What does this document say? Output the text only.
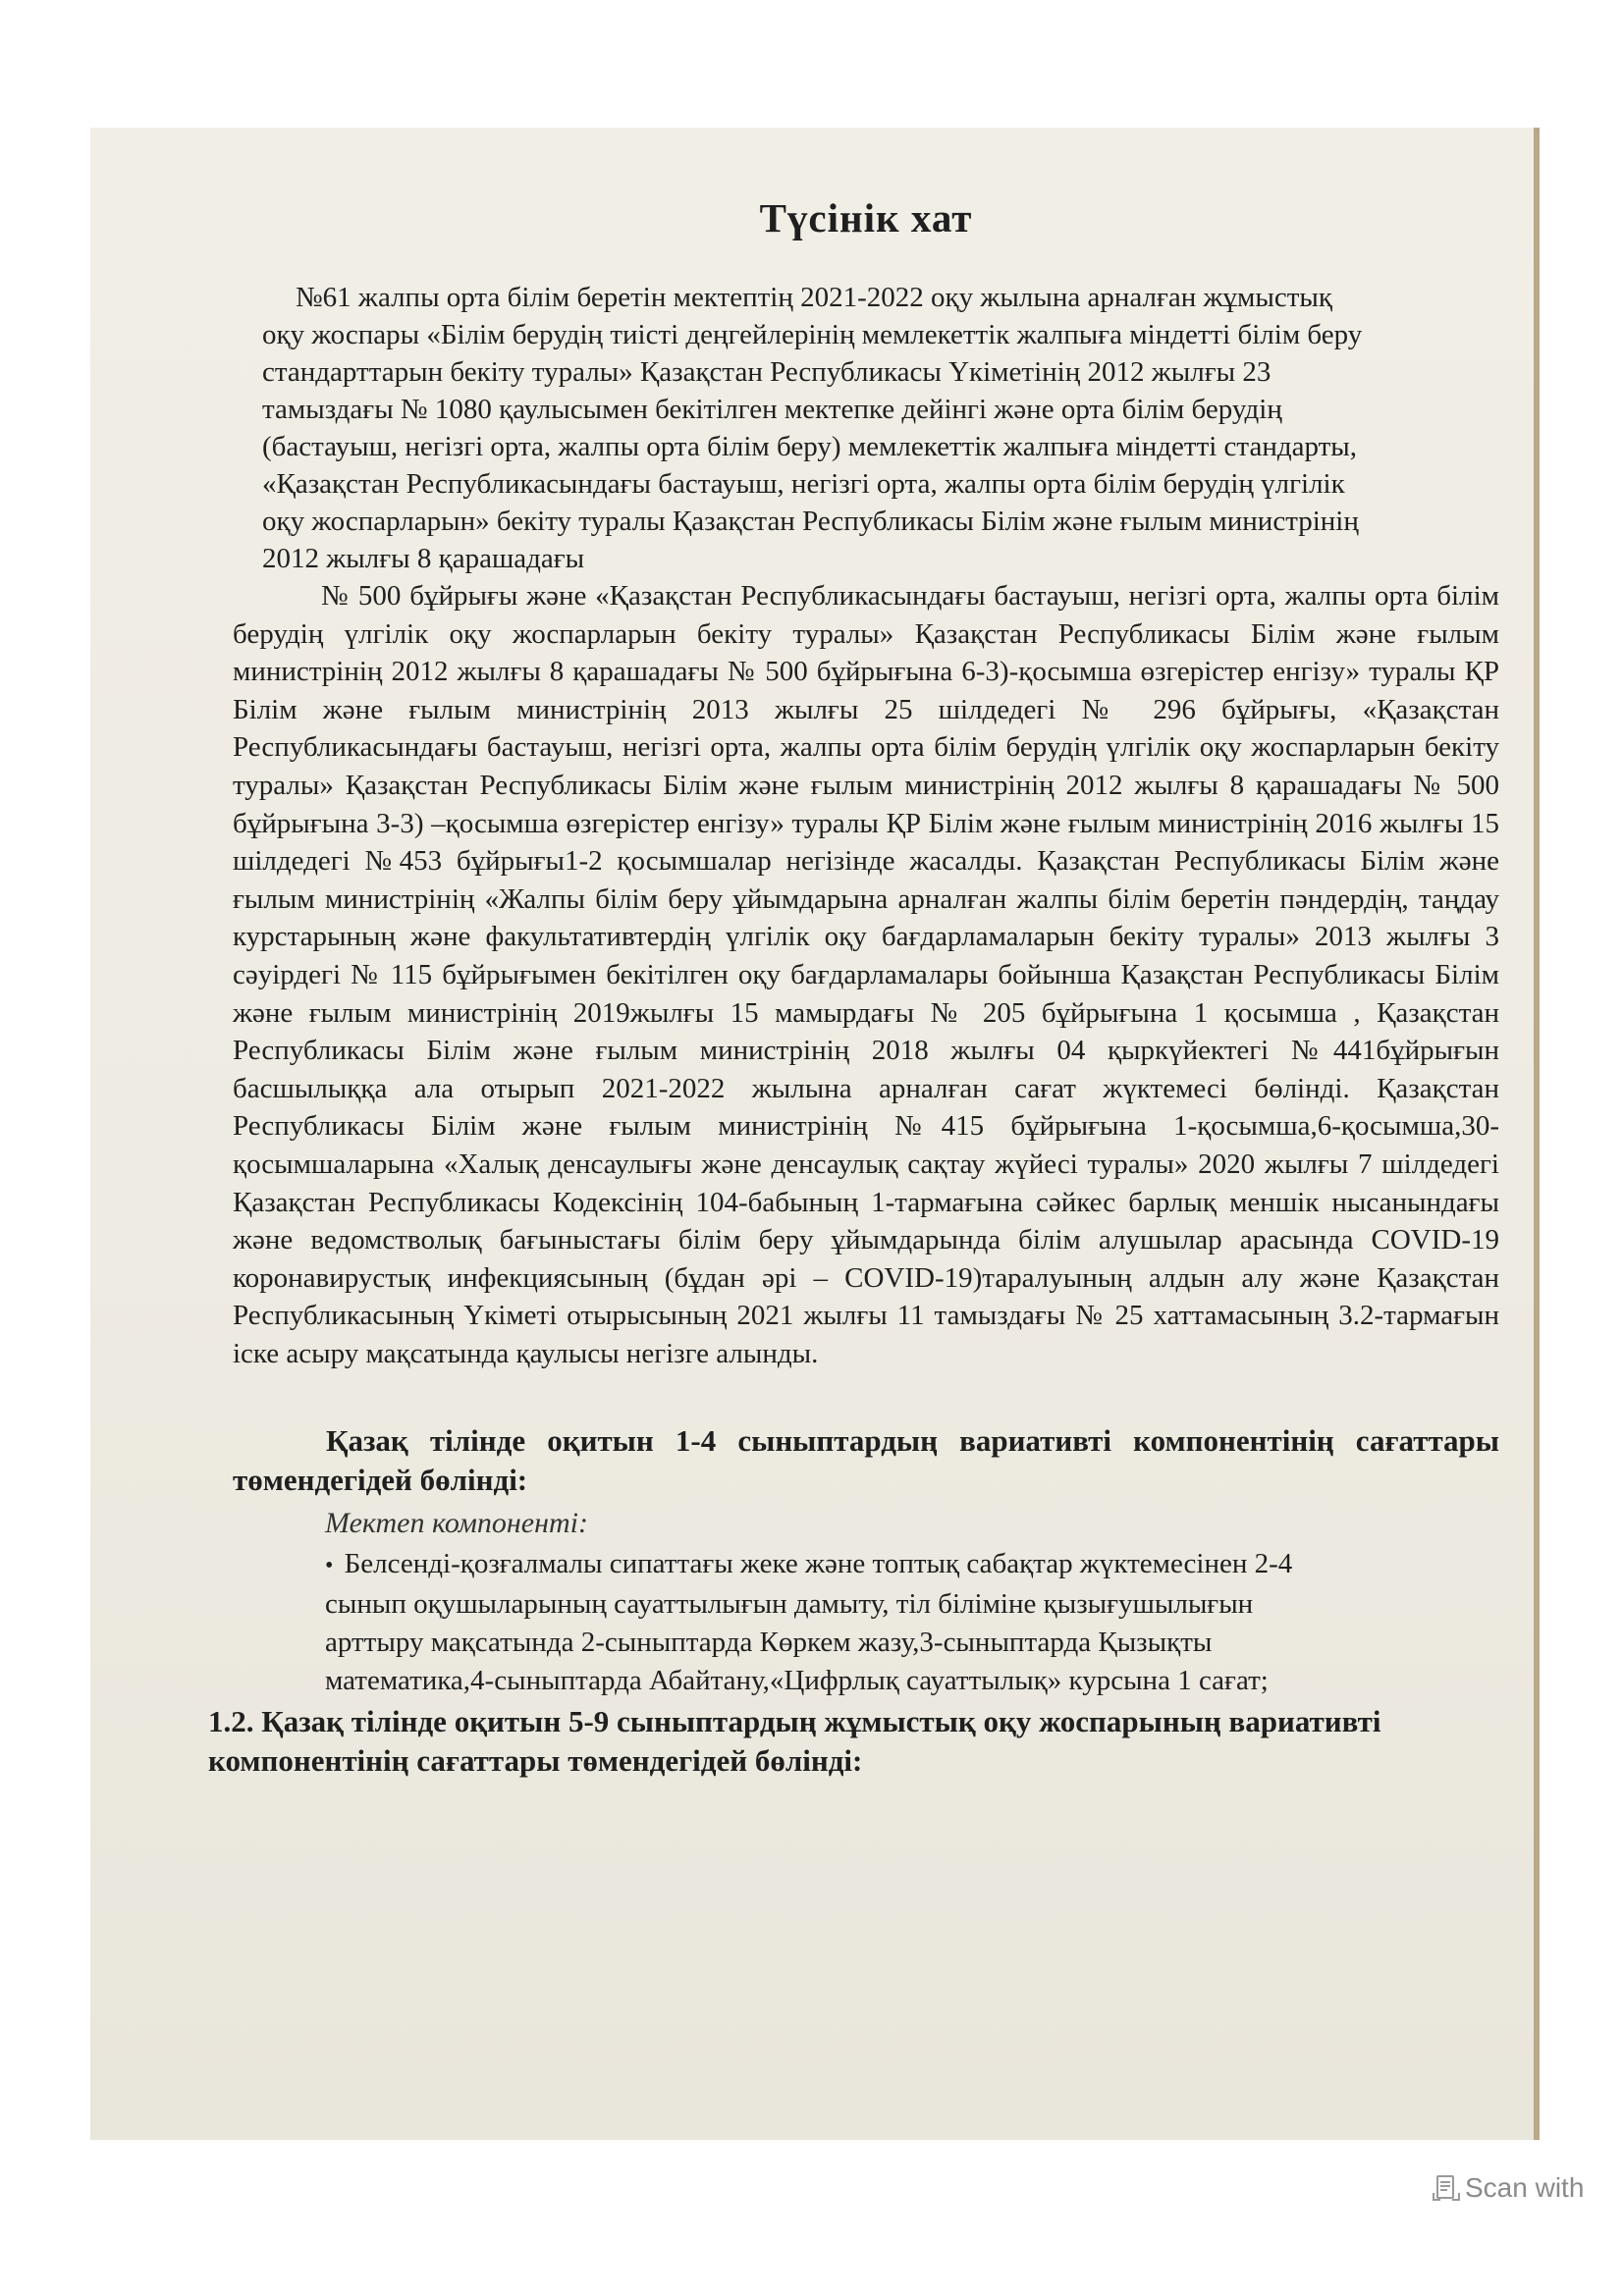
Түсінік хат

№61 жалпы орта білім беретін мектептің 2021-2022 оқу жылына арналған жұмыстық оқу жоспары «Білім берудің тиісті деңгейлерінің мемлекеттік жалпыға міндетті білім беру стандарттарын бекіту туралы» Қазақстан Республикасы Үкіметінің 2012 жылғы 23 тамыздағы № 1080 қаулысымен бекітілген мектепке дейінгі және орта білім берудің (бастауыш, негізгі орта, жалпы орта білім беру) мемлекеттік жалпыға міндетті стандарты, «Қазақстан Республикасындағы бастауыш, негізгі орта, жалпы орта білім берудің үлгілік оқу жоспарларын» бекіту туралы Қазақстан Республикасы Білім және ғылым министрінің 2012 жылғы 8 қарашадағы

№ 500 бұйрығы және «Қазақстан Республикасындағы бастауыш, негізгі орта, жалпы орта білім берудің үлгілік оқу жоспарларын бекіту туралы» Қазақстан Республикасы Білім және ғылым министрінің 2012 жылғы 8 қарашадағы № 500 бұйрығына 6-3)-қосымша өзгерістер енгізу» туралы ҚР Білім және ғылым министрінің 2013 жылғы 25 шілдедегі № 296 бұйрығы, «Қазақстан Республикасындағы бастауыш, негізгі орта, жалпы орта білім берудің үлгілік оқу жоспарларын бекіту туралы» Қазақстан Республикасы Білім және ғылым министрінің 2012 жылғы 8 қарашадағы № 500 бұйрығына 3-3) –қосымша өзгерістер енгізу» туралы ҚР Білім және ғылым министрінің 2016 жылғы 15 шілдедегі №453 бұйрығы1-2 қосымшалар негізінде жасалды. Қазақстан Республикасы Білім және ғылым министрінің «Жалпы білім беру ұйымдарына арналған жалпы білім беретін пәндердің, таңдау курстарының және факультативтердің үлгілік оқу бағдарламаларын бекіту туралы» 2013 жылғы 3 сәуірдегі № 115 бұйрығымен бекітілген оқу бағдарламалары бойынша Қазақстан Республикасы Білім және ғылым министрінің 2019жылғы 15 мамырдағы № 205 бұйрығына 1 қосымша , Қазақстан Республикасы Білім және ғылым министрінің 2018 жылғы 04 қыркүйектегі №441бұйрығын басшылыққа ала отырып 2021-2022 жылына арналған сағат жүктемесі бөлінді. Қазақстан Республикасы Білім және ғылым министрінің №415 бұйрығына 1-қосымша,6-қосымша,30-қосымшаларына «Халық денсаулығы және денсаулық сақтау жүйесі туралы» 2020 жылғы 7 шілдедегі Қазақстан Республикасы Кодексінің 104-бабының 1-тармағына сәйкес барлық меншік нысанындағы және ведомстволық бағыныстағы білім беру ұйымдарында білім алушылар арасында COVID-19 коронавирустық инфекциясының (бұдан әрі – COVID-19)таралуының алдын алу және Қазақстан Республикасының Үкіметі отырысының 2021 жылғы 11 тамыздағы № 25 хаттамасының 3.2-тармағын іске асыру мақсатында қаулысы негізге алынды.

Қазақ тілінде оқитын 1-4 сыныптардың вариативті компонентінің сағаттары төмендегідей бөлінді:

Мектеп компоненті:
• Белсенді-қозғалмалы сипаттағы жеке және топтық сабақтар жүктемесінен 2-4 сынып оқушыларының сауаттылығын дамыту, тіл біліміне қызығушылығын арттыру мақсатында 2-сыныптарда Көркем жазу,3-сыныптарда Қызықты математика,4-сыныптарда Абайтану,«Цифрлық сауаттылық» курсына 1 сағат;
1.2. Қазақ тілінде оқитын 5-9 сыныптардың жұмыстық оқу жоспарының вариативті компонентінің сағаттары төмендегідей бөлінді:
Scan with
